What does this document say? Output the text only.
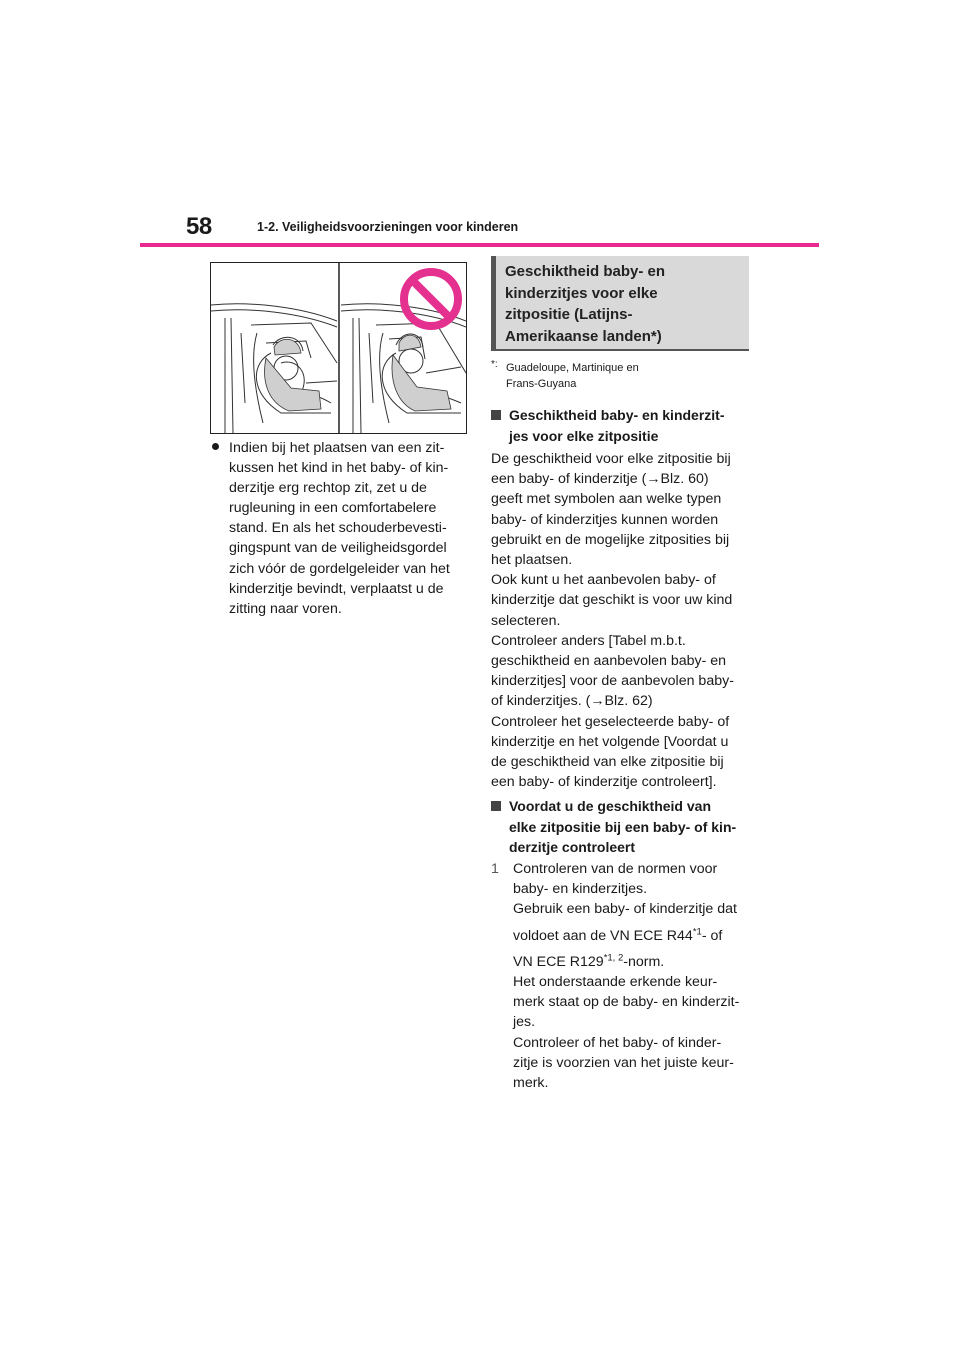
58	1-2. Veiligheidsvoorzieningen voor kinderen
Indien bij het plaatsen van een zit-kussen het kind in het baby- of kin-derzitje erg rechtop zit, zet u de rugleuning in een comfortabelere stand. En als het schouderbevesti-gingspunt van de veiligheidsgordel zich vóór de gordelgeleider van het kinderzitje bevindt, verplaatst u de zitting naar voren.
Geschiktheid baby- en
kinderzitjes voor elke
zitpositie (Latijns-
Amerikaanse landen*)
*: Guadeloupe, Martinique en
Frans-Guyana
Geschiktheid baby- en kinderzit-
jes voor elke zitpositie
De geschiktheid voor elke zitpositie bij
een baby- of kinderzitje (→Blz. 60)
geeft met symbolen aan welke typen
baby- of kinderzitjes kunnen worden
gebruikt en de mogelijke zitposities bij
het plaatsen.
Ook kunt u het aanbevolen baby- of
kinderzitje dat geschikt is voor uw kind
selecteren.
Controleer anders [Tabel m.b.t.
geschiktheid en aanbevolen baby- en
kinderzitjes] voor de aanbevolen baby-
of kinderzitjes. (→Blz. 62)
Controleer het geselecteerde baby- of
kinderzitje en het volgende [Voordat u
de geschiktheid van elke zitpositie bij
een baby- of kinderzitje controleert].
Voordat u de geschiktheid van
elke zitpositie bij een baby- of kin-
derzitje controleert
1 Controleren van de normen voor
baby- en kinderzitjes.
Gebruik een baby- of kinderzitje dat
voldoet aan de VN ECE R44$^{*1}$- of
VN ECE R129$^{*1, 2}$-norm.
Het onderstaande erkende keur-
merk staat op de baby- en kinderzit-
jes.
Controleer of het baby- of kinder-
zitje is voorzien van het juiste keur-
merk.
